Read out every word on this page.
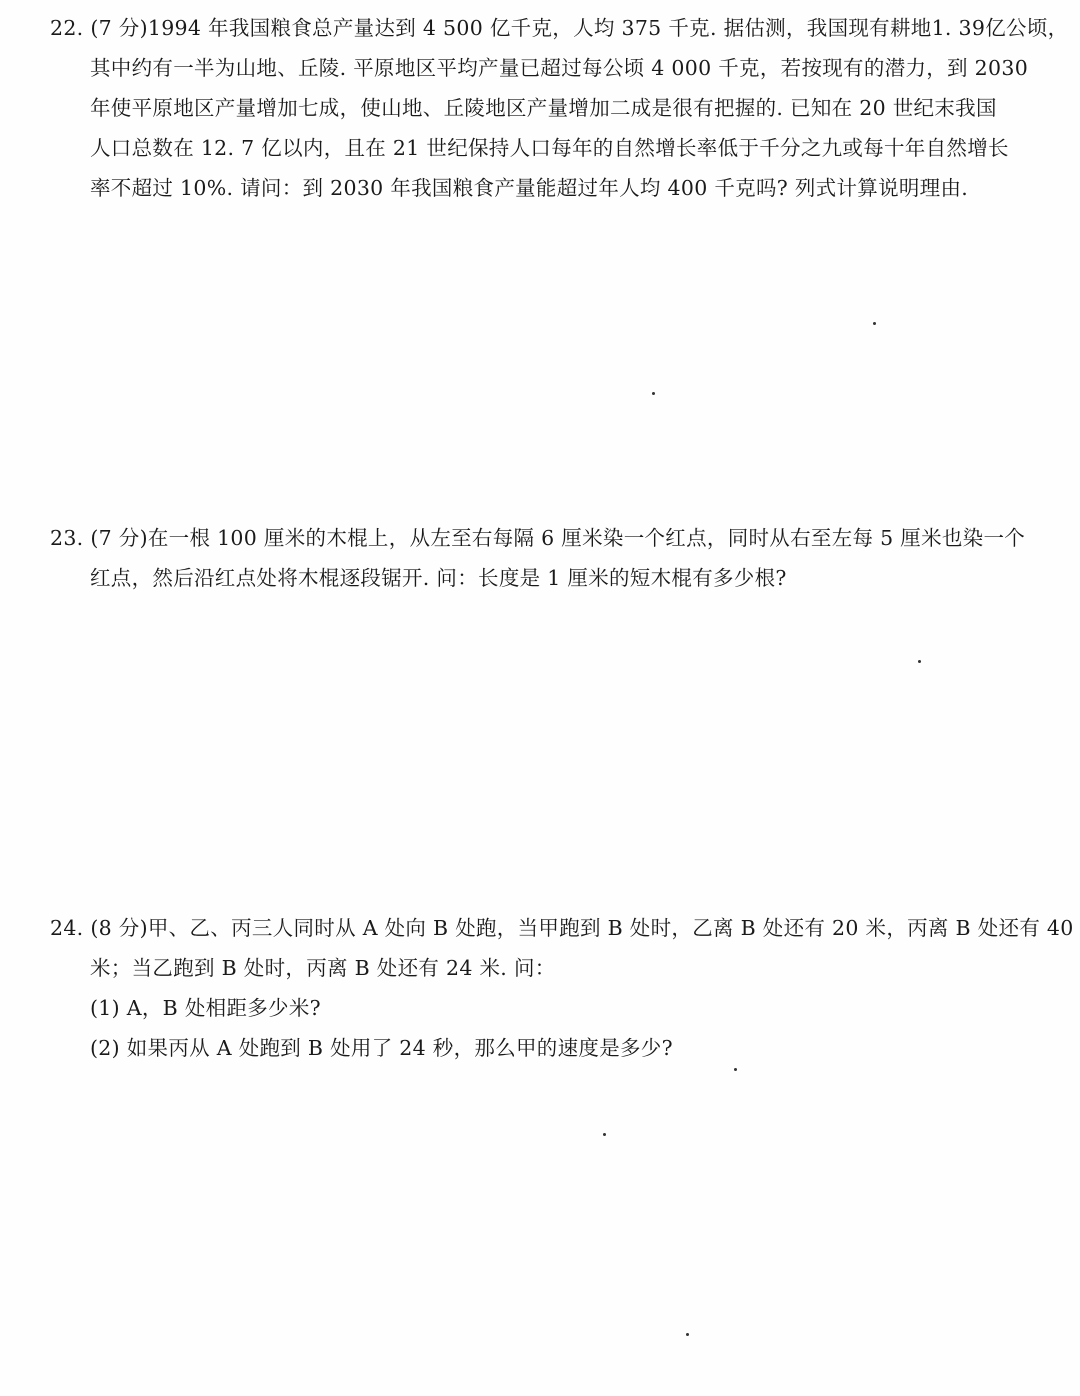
22. (7 分)1994 年我国粮食总产量达到 4 500 亿千克，人均 375 千克. 据估测，我国现有耕地1. 39亿公顷，
其中约有一半为山地、丘陵. 平原地区平均产量已超过每公顷 4 000 千克，若按现有的潜力，到 2030
年使平原地区产量增加七成，使山地、丘陵地区产量增加二成是很有把握的. 已知在 20 世纪末我国
人口总数在 12. 7 亿以内，且在 21 世纪保持人口每年的自然增长率低于千分之九或每十年自然增长
率不超过 10%. 请问：到 2030 年我国粮食产量能超过年人均 400 千克吗? 列式计算说明理由.
23. (7 分)在一根 100 厘米的木棍上，从左至右每隔 6 厘米染一个红点，同时从右至左每 5 厘米也染一个
红点，然后沿红点处将木棍逐段锯开. 问：长度是 1 厘米的短木棍有多少根?
24. (8 分)甲、乙、丙三人同时从 A 处向 B 处跑，当甲跑到 B 处时，乙离 B 处还有 20 米，丙离 B 处还有 40
米；当乙跑到 B 处时，丙离 B 处还有 24 米. 问：
(1) A，B 处相距多少米?
(2) 如果丙从 A 处跑到 B 处用了 24 秒，那么甲的速度是多少?
